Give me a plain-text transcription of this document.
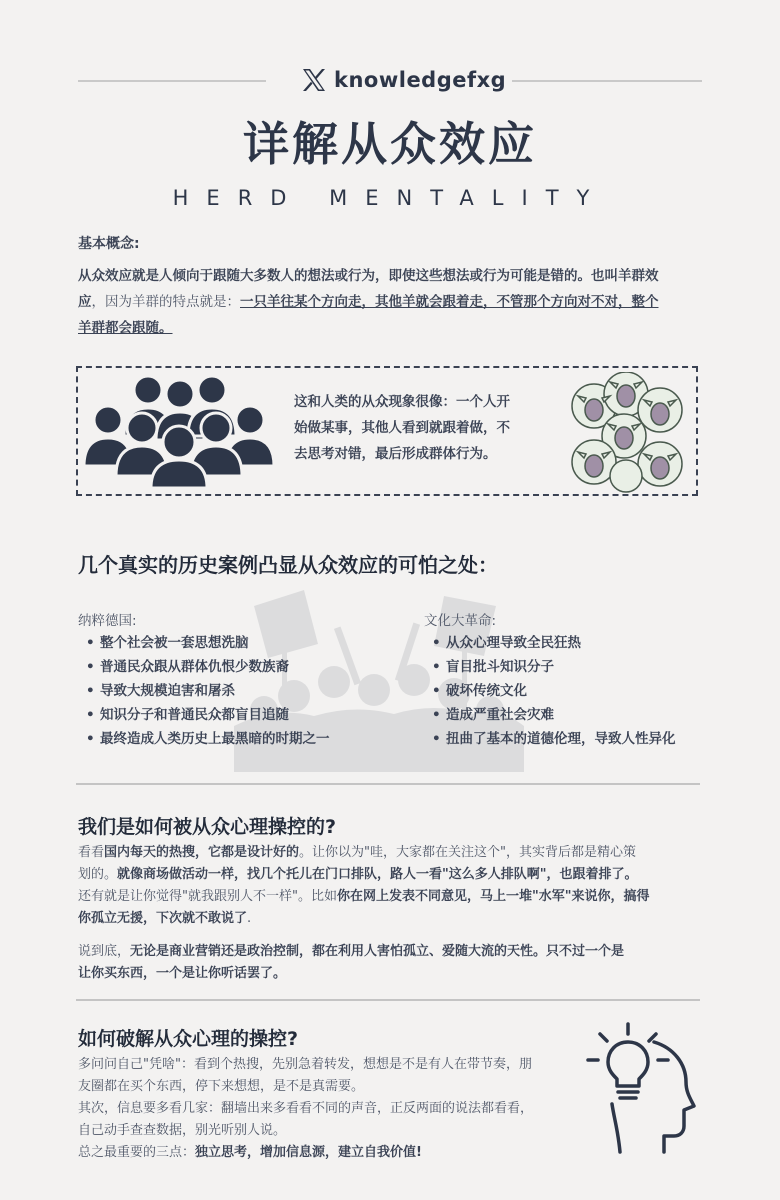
knowledgefxg
详解从众效应
HERD MENTALITY
基本概念:
从众效应就是人倾向于跟随大多数人的想法或行为，即使这些想法或行为可能是错的。也叫羊群效
应，因为羊群的特点就是：一只羊往某个方向走，其他羊就会跟着走，不管那个方向对不对，整个
羊群都会跟随。
这和人类的从众现象很像：一个人开
始做某事，其他人看到就跟着做，不
去思考对错，最后形成群体行为。
几个真实的历史案例凸显从众效应的可怕之处：
纳粹德国:
• 整个社会被一套思想洗脑
• 普通民众跟从群体仇恨少数族裔
• 导致大规模迫害和屠杀
• 知识分子和普通民众都盲目追随
• 最终造成人类历史上最黑暗的时期之一
文化大革命:
• 从众心理导致全民狂热
• 盲目批斗知识分子
• 破坏传统文化
• 造成严重社会灾难
• 扭曲了基本的道德伦理，导致人性异化
我们是如何被从众心理操控的?
看看国内每天的热搜，它都是设计好的。让你以为"哇，大家都在关注这个"，其实背后都是精心策
划的。就像商场做活动一样，找几个托儿在门口排队，路人一看"这么多人排队啊"，也跟着排了。
还有就是让你觉得"就我跟别人不一样"。比如你在网上发表不同意见，马上一堆"水军"来说你，搞得
你孤立无援，下次就不敢说了.
说到底，无论是商业营销还是政治控制，都在利用人害怕孤立、爱随大流的天性。只不过一个是
让你买东西，一个是让你听话罢了。
如何破解从众心理的操控?
多问问自己"凭啥"：看到个热搜，先别急着转发，想想是不是有人在带节奏，朋
友圈都在买个东西，停下来想想，是不是真需要。
其次，信息要多看几家：翻墙出来多看看不同的声音，正反两面的说法都看看，
自己动手查查数据，别光听别人说。
总之最重要的三点：独立思考，增加信息源，建立自我价值!
